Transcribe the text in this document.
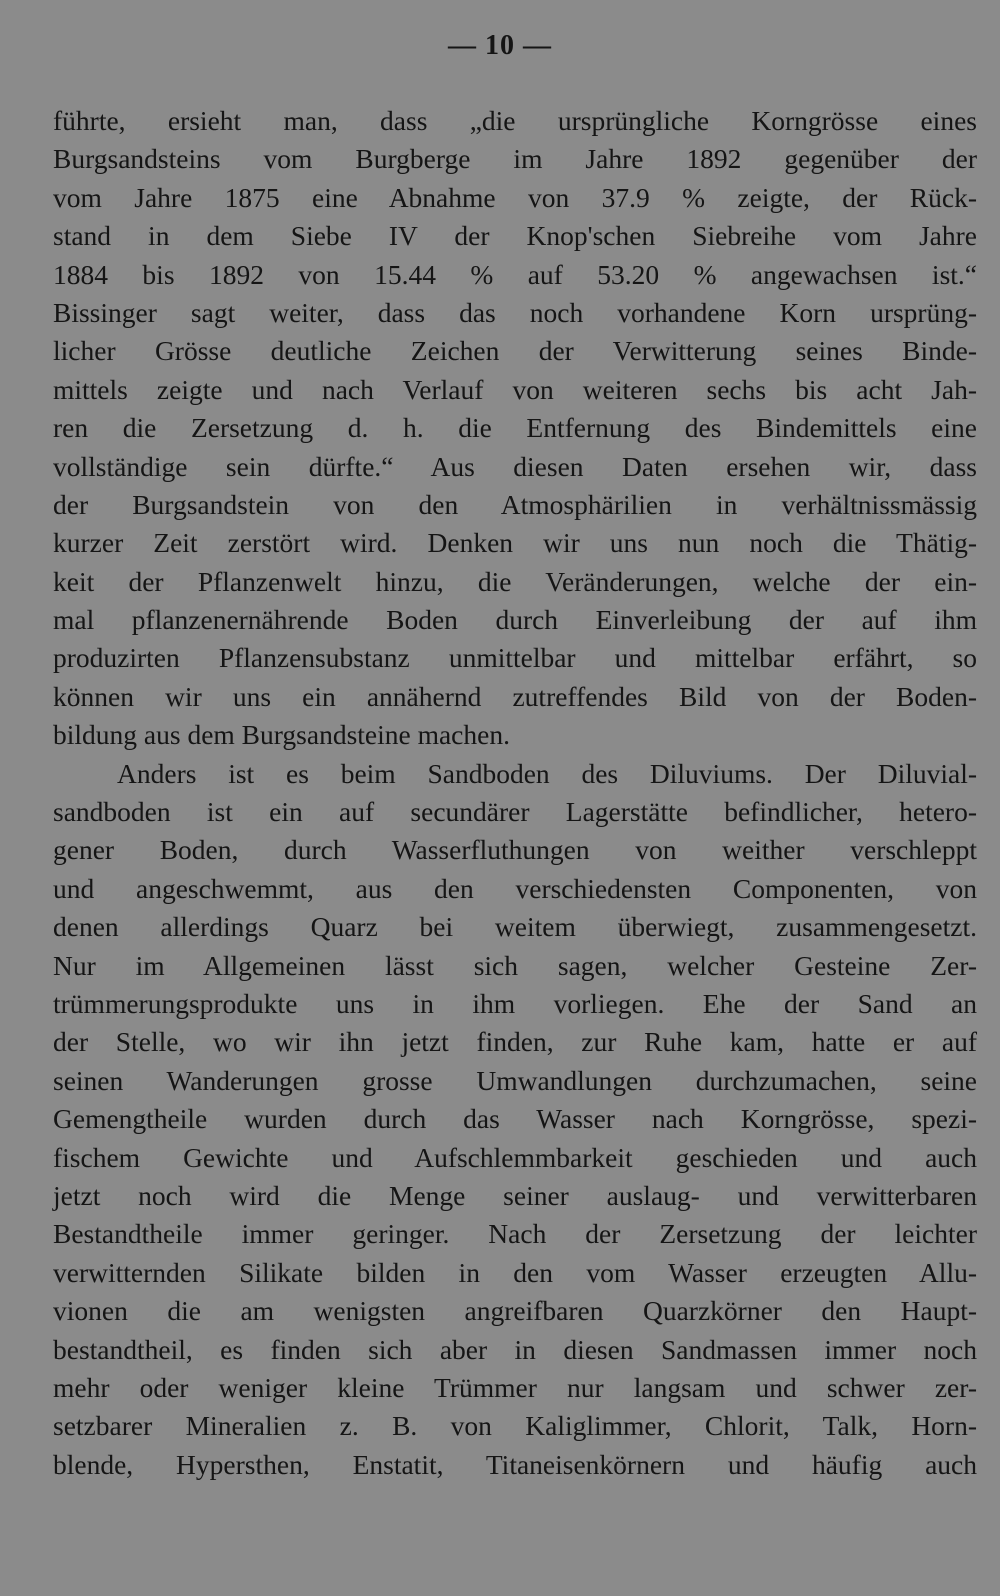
— 10 —
führte, ersieht man, dass „die ursprüngliche Korngrösse eines
Burgsandsteins vom Burgberge im Jahre 1892 gegenüber der
vom Jahre 1875 eine Abnahme von 37.9 % zeigte, der Rück-
stand in dem Siebe IV der Knop'schen Siebreihe vom Jahre
1884 bis 1892 von 15.44 % auf 53.20 % angewachsen ist.“
Bissinger sagt weiter, dass das noch vorhandene Korn ursprüng-
licher Grösse deutliche Zeichen der Verwitterung seines Binde-
mittels zeigte und nach Verlauf von weiteren sechs bis acht Jah-
ren die Zersetzung d. h. die Entfernung des Bindemittels eine
vollständige sein dürfte.“ Aus diesen Daten ersehen wir, dass
der Burgsandstein von den Atmosphärilien in verhältnissmässig
kurzer Zeit zerstört wird. Denken wir uns nun noch die Thätig-
keit der Pflanzenwelt hinzu, die Veränderungen, welche der ein-
mal pflanzenernährende Boden durch Einverleibung der auf ihm
produzirten Pflanzensubstanz unmittelbar und mittelbar erfährt, so
können wir uns ein annähernd zutreffendes Bild von der Boden-
bildung aus dem Burgsandsteine machen.
Anders ist es beim Sandboden des Diluviums. Der Diluvial-
sandboden ist ein auf secundärer Lagerstätte befindlicher, hetero-
gener Boden, durch Wasserfluthungen von weither verschleppt
und angeschwemmt, aus den verschiedensten Componenten, von
denen allerdings Quarz bei weitem überwiegt, zusammengesetzt.
Nur im Allgemeinen lässt sich sagen, welcher Gesteine Zer-
trümmerungsprodukte uns in ihm vorliegen. Ehe der Sand an
der Stelle, wo wir ihn jetzt finden, zur Ruhe kam, hatte er auf
seinen Wanderungen grosse Umwandlungen durchzumachen, seine
Gemengtheile wurden durch das Wasser nach Korngrösse, spezi-
fischem Gewichte und Aufschlemmbarkeit geschieden und auch
jetzt noch wird die Menge seiner auslaug- und verwitterbaren
Bestandtheile immer geringer. Nach der Zersetzung der leichter
verwitternden Silikate bilden in den vom Wasser erzeugten Allu-
vionen die am wenigsten angreifbaren Quarzkörner den Haupt-
bestandtheil, es finden sich aber in diesen Sandmassen immer noch
mehr oder weniger kleine Trümmer nur langsam und schwer zer-
setzbarer Mineralien z. B. von Kaliglimmer, Chlorit, Talk, Horn-
blende, Hypersthen, Enstatit, Titaneisenkörnern und häufig auch
